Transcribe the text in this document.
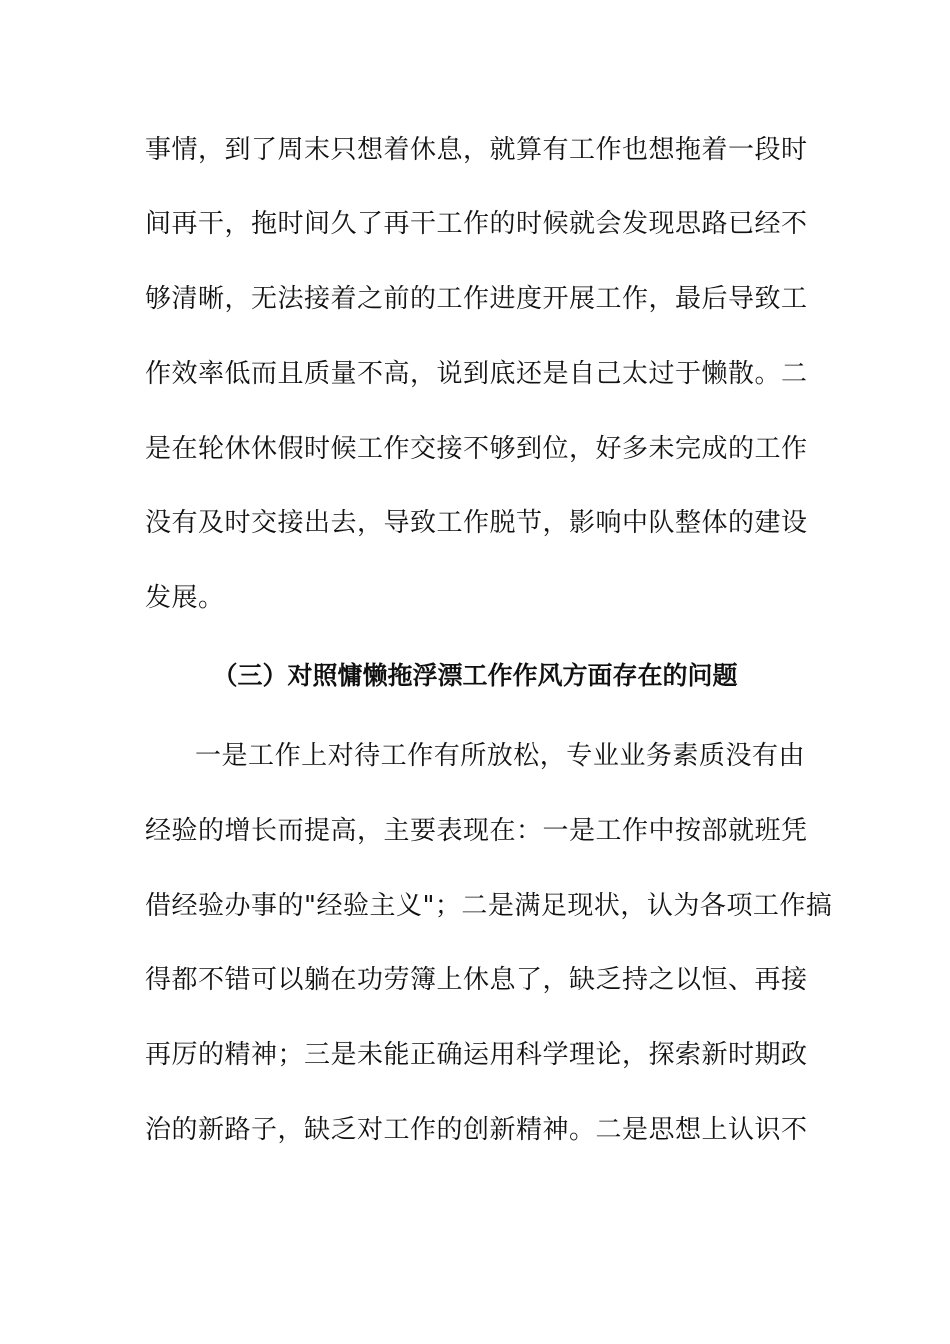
事情，到了周末只想着休息，就算有工作也想拖着一段时
间再干，拖时间久了再干工作的时候就会发现思路已经不
够清晰，无法接着之前的工作进度开展工作，最后导致工
作效率低而且质量不高，说到底还是自己太过于懒散。二
是在轮休休假时候工作交接不够到位，好多未完成的工作
没有及时交接出去，导致工作脱节，影响中队整体的建设
发展。
（三）对照慵懒拖浮漂工作作风方面存在的问题
一是工作上对待工作有所放松，专业业务素质没有由
经验的增长而提高，主要表现在：一是工作中按部就班凭
借经验办事的"经验主义"；二是满足现状，认为各项工作搞
得都不错可以躺在功劳簿上休息了，缺乏持之以恒、再接
再厉的精神；三是未能正确运用科学理论，探索新时期政
治的新路子，缺乏对工作的创新精神。二是思想上认识不
